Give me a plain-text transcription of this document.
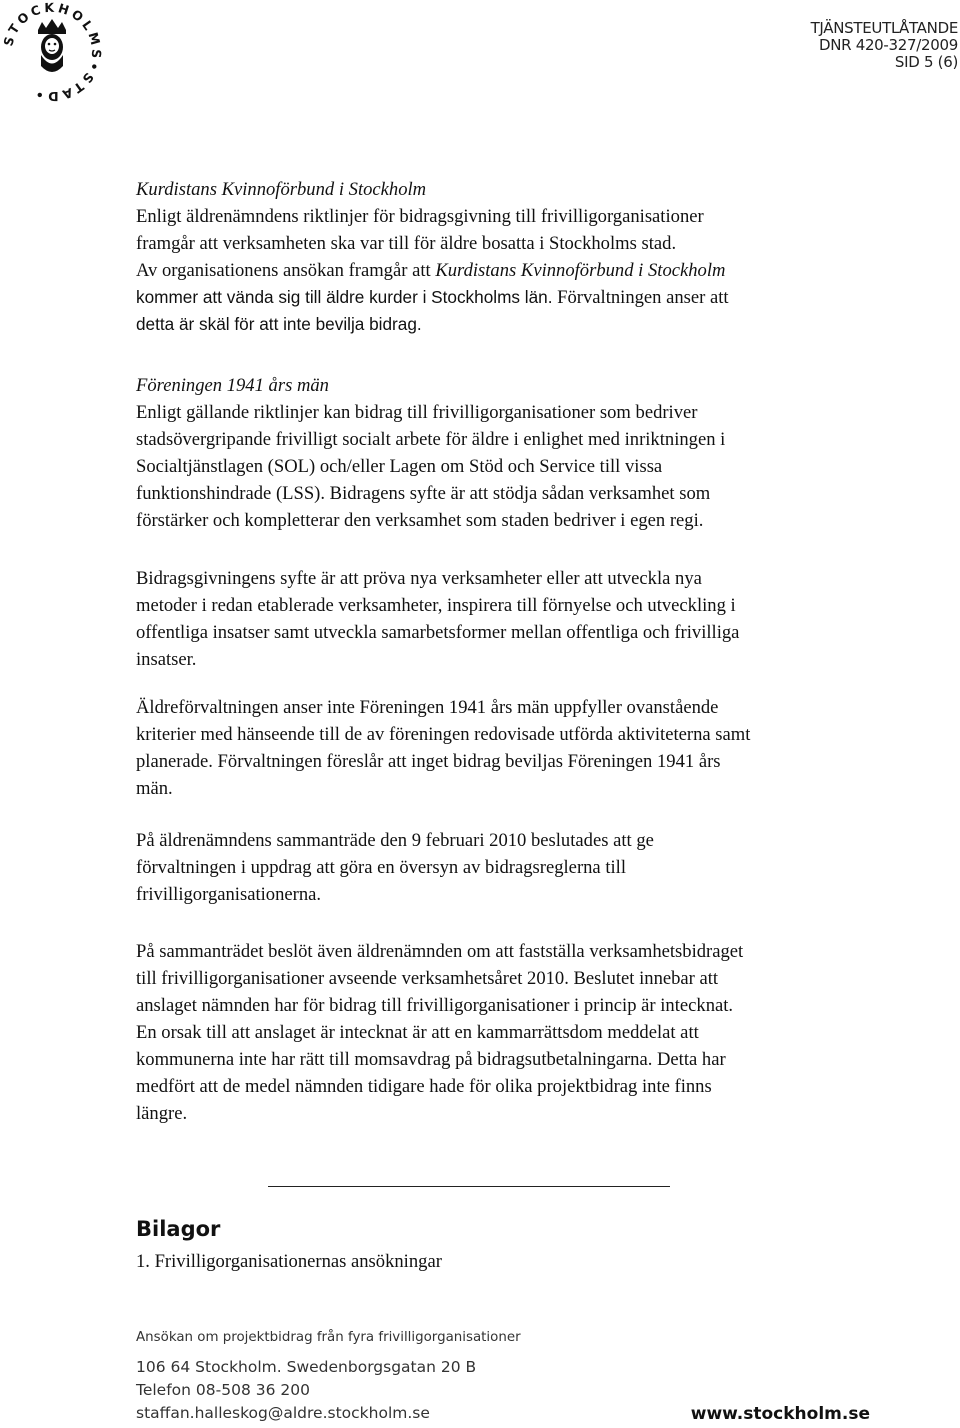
STOCKHOLMS•STAD•
TJÄNSTEUTLÅTANDE
DNR 420-327/2009
SID 5 (6)

Kurdistans Kvinnoförbund i Stockholm

Enligt äldrenämndens riktlinjer för bidragsgivning till frivilligorganisationer

framgår att verksamheten ska var till för äldre bosatta i Stockholms stad.

Av organisationens ansökan framgår att Kurdistans Kvinnoförbund i Stockholm

kommer att vända sig till äldre kurder i Stockholms län. Förvaltningen anser att

detta är skäl för att inte bevilja bidrag.

Föreningen 1941 års män

Enligt gällande riktlinjer kan bidrag till frivilligorganisationer som bedriver

stadsövergripande frivilligt socialt arbete för äldre i enlighet med inriktningen i

Socialtjänstlagen (SOL) och/eller Lagen om Stöd och Service till vissa

funktionshindrade (LSS). Bidragens syfte är att stödja sådan verksamhet som

förstärker och kompletterar den verksamhet som staden bedriver i egen regi.

Bidragsgivningens syfte är att pröva nya verksamheter eller att utveckla nya

metoder i redan etablerade verksamheter, inspirera till förnyelse och utveckling i

offentliga insatser samt utveckla samarbetsformer mellan offentliga och frivilliga

insatser.

Äldreförvaltningen anser inte Föreningen 1941 års män uppfyller ovanstående

kriterier med hänseende till de av föreningen redovisade utförda aktiviteterna samt

planerade. Förvaltningen föreslår att inget bidrag beviljas Föreningen 1941 års

män.

På äldrenämndens sammanträde den 9 februari 2010 beslutades att ge

förvaltningen i uppdrag att göra en översyn av bidragsreglerna till

frivilligorganisationerna.

På sammanträdet beslöt även äldrenämnden om att fastställa verksamhetsbidraget

till frivilligorganisationer avseende verksamhetsåret 2010. Beslutet innebar att

anslaget nämnden har för bidrag till frivilligorganisationer i princip är intecknat.

En orsak till att anslaget är intecknat är att en kammarrättsdom meddelat att

kommunerna inte har rätt till momsavdrag på bidragsutbetalningarna. Detta har

medfört att de medel nämnden tidigare hade för olika projektbidrag inte finns

längre.

Bilagor
1. Frivilligorganisationernas ansökningar
Ansökan om projektbidrag från fyra frivilligorganisationer
106 64 Stockholm. Swedenborgsgatan 20 B
Telefon 08-508 36 200
staffan.halleskog@aldre.stockholm.se	www.stockholm.se
